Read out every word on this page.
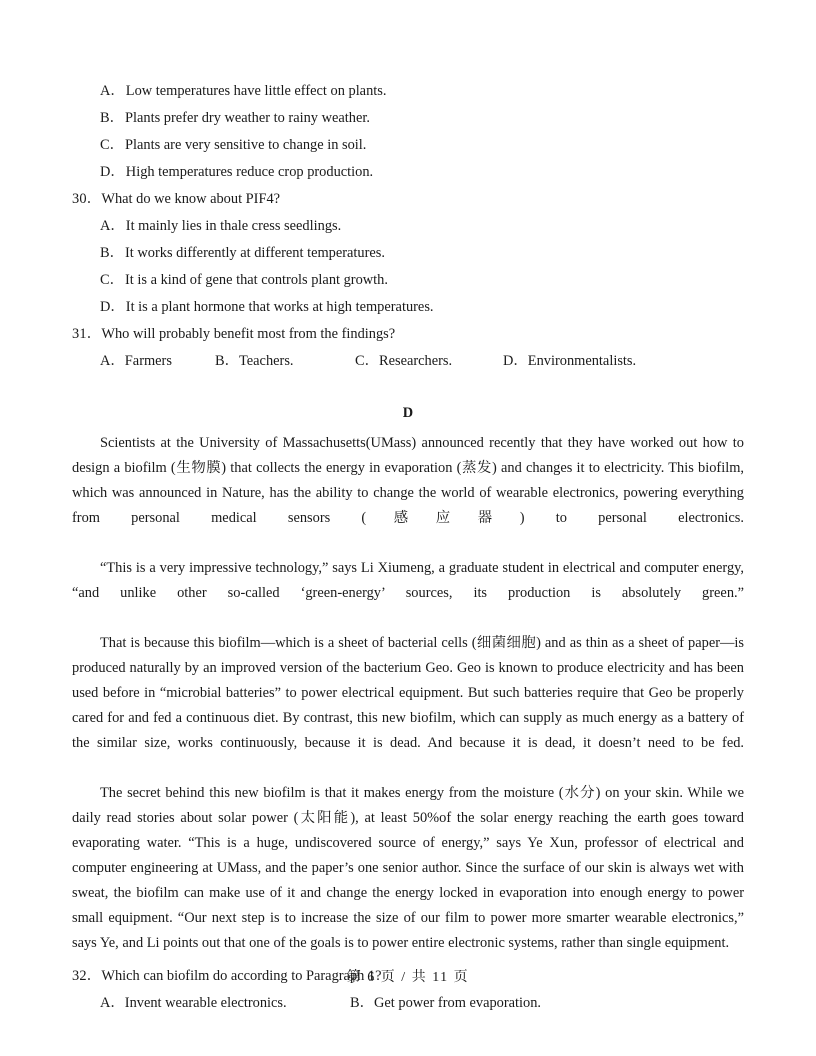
A．Low temperatures have little effect on plants.
B．Plants prefer dry weather to rainy weather.
C．Plants are very sensitive to change in soil.
D．High temperatures reduce crop production.
30．What do we know about PIF4?
A．It mainly lies in thale cress seedlings.
B．It works differently at different temperatures.
C．It is a kind of gene that controls plant growth.
D．It is a plant hormone that works at high temperatures.
31．Who will probably benefit most from the findings?
A．Farmers	B．Teachers.	C．Researchers.	D．Environmentalists.
D

Scientists at the University of Massachusetts(UMass) announced recently that they have worked out how to design a biofilm (生物膜) that collects the energy in evaporation (蒸发) and changes it to electricity. This biofilm, which was announced in Nature, has the ability to change the world of wearable electronics, powering everything from personal medical sensors (感应器) to personal electronics.

“This is a very impressive technology,” says Li Xiumeng, a graduate student in electrical and computer energy, “and unlike other so-called ‘green-energy’ sources, its production is absolutely green.”

That is because this biofilm—which is a sheet of bacterial cells (细菌细胞) and as thin as a sheet of paper—is produced naturally by an improved version of the bacterium Geo. Geo is known to produce electricity and has been used before in “microbial batteries” to power electrical equipment. But such batteries require that Geo be properly cared for and fed a continuous diet. By contrast, this new biofilm, which can supply as much energy as a battery of the similar size, works continuously, because it is dead. And because it is dead, it doesn’t need to be fed.

The secret behind this new biofilm is that it makes energy from the moisture (水分) on your skin. While we daily read stories about solar power (太阳能), at least 50%of the solar energy reaching the earth goes toward evaporating water. “This is a huge, undiscovered source of energy,” says Ye Xun, professor of electrical and computer engineering at UMass, and the paper’s one senior author. Since the surface of our skin is always wet with sweat, the biofilm can make use of it and change the energy locked in evaporation into enough energy to power small equipment. “Our next step is to increase the size of our film to power more smarter wearable electronics,” says Ye, and Li points out that one of the goals is to power entire electronic systems, rather than single equipment.

32．Which can biofilm do according to Paragraph 1?
A．Invent wearable electronics.	B．Get power from evaporation.
第 6 页 / 共 11 页
